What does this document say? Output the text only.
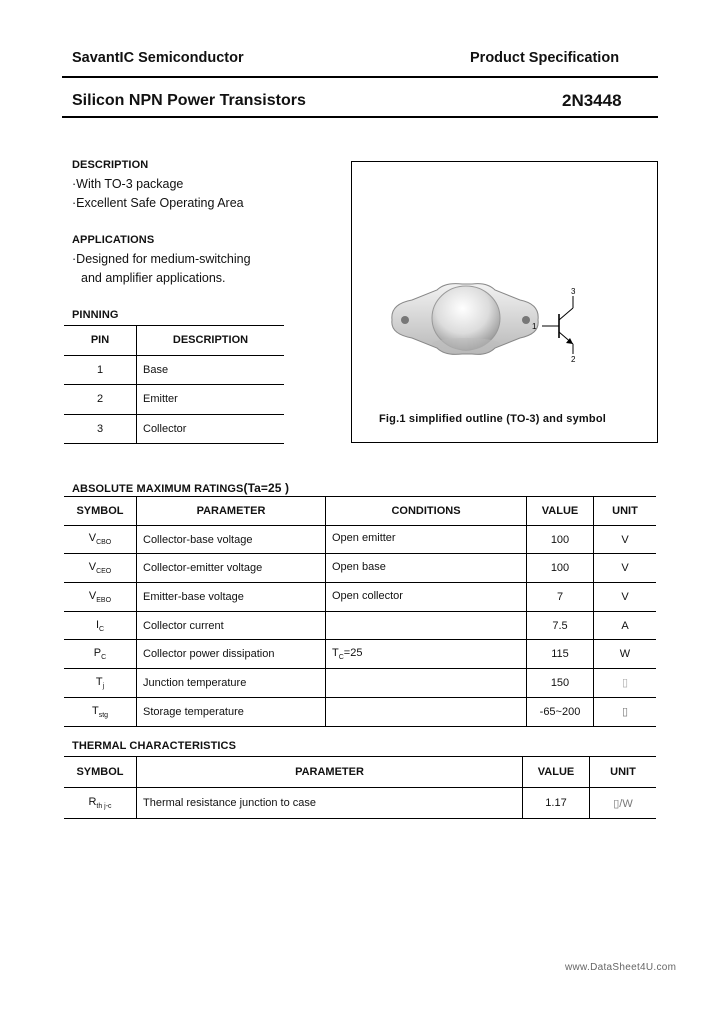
SavantIC Semiconductor	Product Specification
Silicon NPN Power Transistors	2N3448
DESCRIPTION
·With TO-3 package
·Excellent Safe Operating Area
APPLICATIONS
·Designed for medium-switching
and amplifier applications.
PINNING
PIN	DESCRIPTION
1	Base
2	Emitter
3	Collector
1
3
2
Fig.1 simplified outline (TO-3) and symbol
ABSOLUTE MAXIMUM RATINGS(Ta=25 )
SYMBOL	PARAMETER	CONDITIONS	VALUE	UNIT
$V_{CBO}$	Collector-base voltage	Open emitter	100	V
$V_{CEO}$	Collector-emitter voltage	Open base	100	V
$V_{EBO}$	Emitter-base voltage	Open collector	7	V
$I_C$	Collector current		7.5	A
$P_C$	Collector power dissipation	$T_C=25$	115	W
$T_j$	Junction temperature		150	▯
$T_{stg}$	Storage temperature		-65~200	▯
THERMAL CHARACTERISTICS
SYMBOL	PARAMETER	VALUE	UNIT
$R_{th j-c}$	Thermal resistance junction to case	1.17	▯/W
www.DataSheet4U.com
